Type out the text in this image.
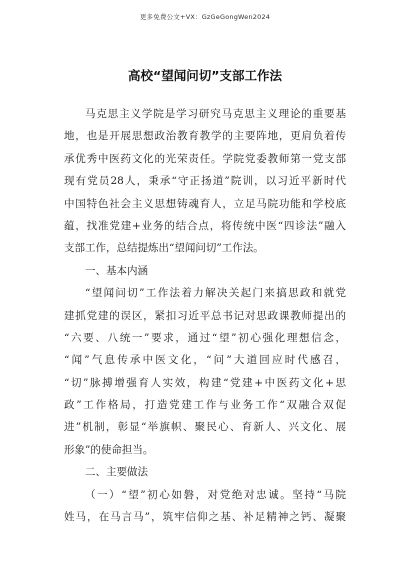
更多免费公文+VX：GzGeGongWen2024
高校“望闻问切”支部工作法
马克思主义学院是学习研究马克思主义理论的重要基
地，也是开展思想政治教育教学的主要阵地，更肩负着传
承优秀中医药文化的光荣责任。学院党委教师第一党支部
现有党员28人，秉承“守正扬道”院训，以习近平新时代
中国特色社会主义思想铸魂育人，立足马院功能和学校底
蕴，找准党建+业务的结合点，将传统中医“四诊法”融入
支部工作，总结提炼出“望闻问切”工作法。
一、基本内涵
“望闻问切”工作法着力解决关起门来搞思政和就党
建抓党建的误区，紧扣习近平总书记对思政课教师提出的
“六要、八统一”要求，通过“望”初心强化理想信念，
“闻”气息传承中医文化，“问”大道回应时代感召，
“切”脉搏增强育人实效，构建“党建+中医药文化+思
政”工作格局，打造党建工作与业务工作“双融合双促
进”机制，彰显“举旗帜、聚民心、育新人、兴文化、展
形象”的使命担当。
二、主要做法
（一）“望”初心如磐，对党绝对忠诚。坚持“马院
姓马，在马言马”，筑牢信仰之基、补足精神之钙、凝聚
